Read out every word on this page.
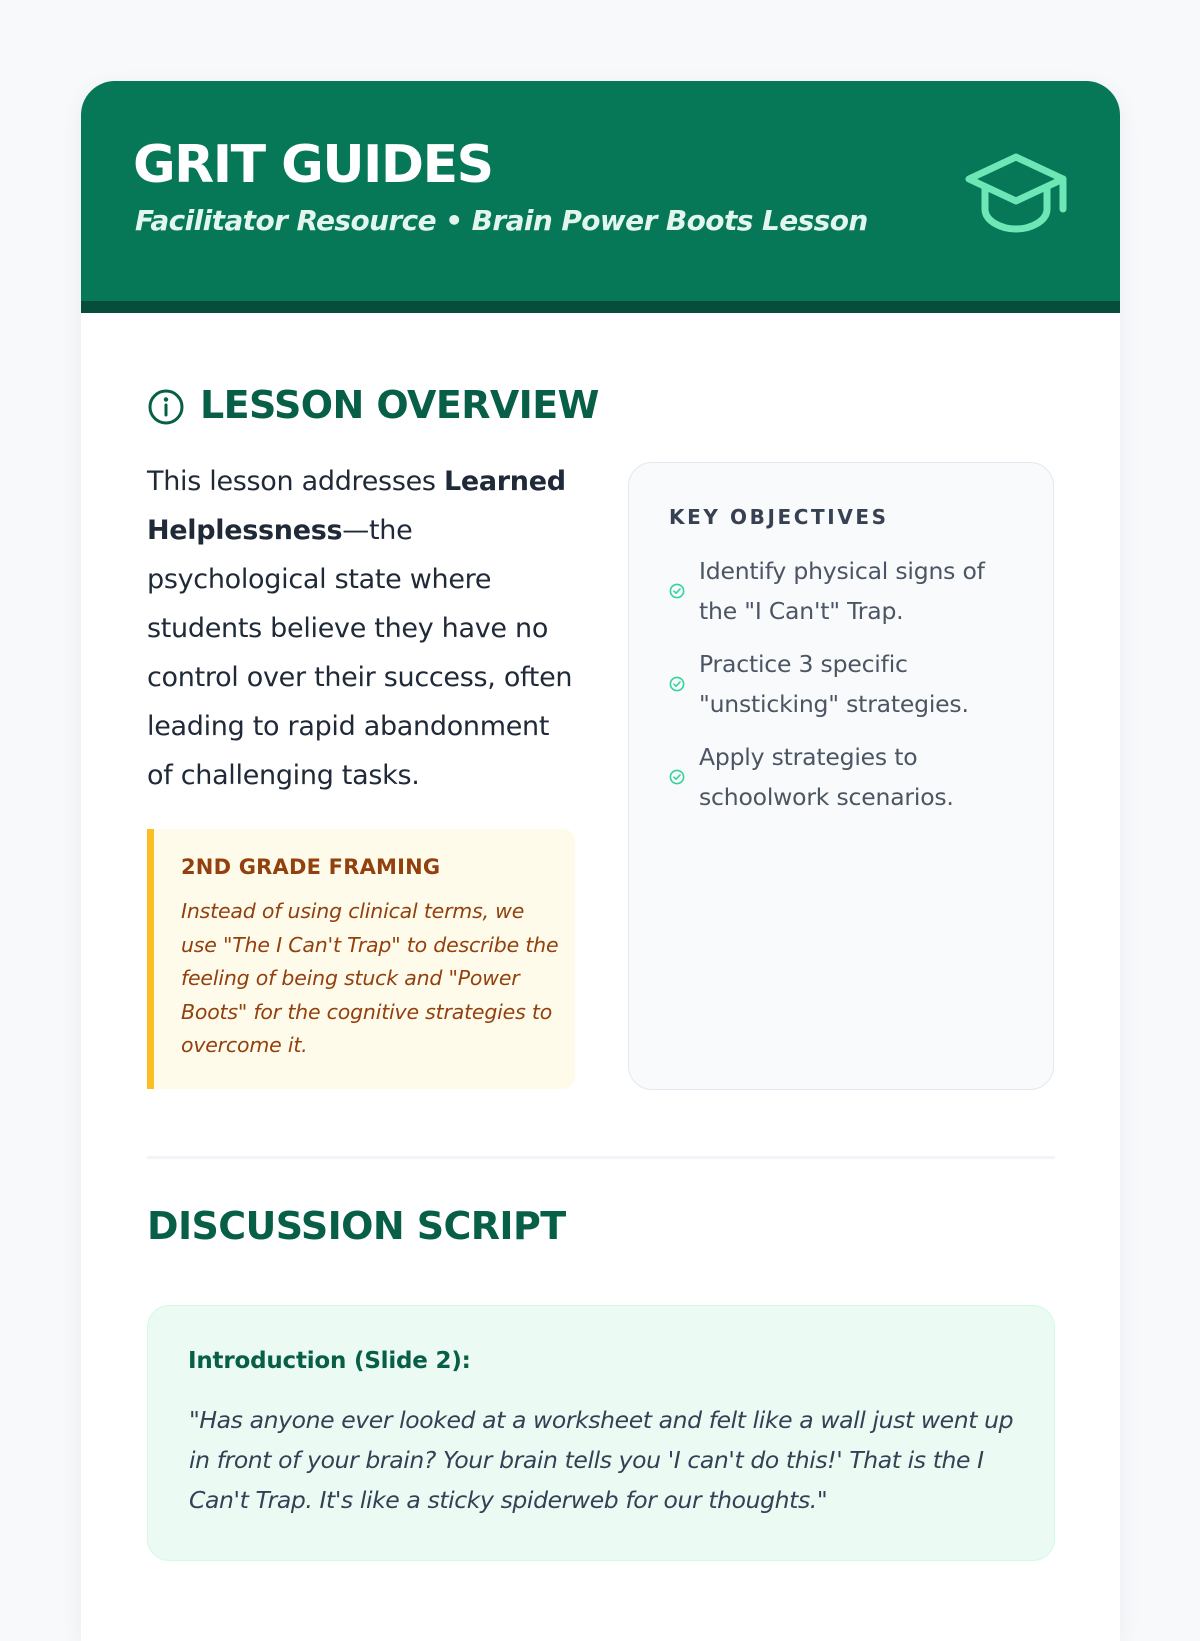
GRIT GUIDES

Facilitator Resource • Brain Power Boots Lesson

LESSON OVERVIEW

This lesson addresses Learned Helplessness—the psychological state where students believe they have no control over their success, often leading to rapid abandonment of challenging tasks.

2ND GRADE FRAMING

Instead of using clinical terms, we use "The I Can't Trap" to describe the feeling of being stuck and "Power Boots" for the cognitive strategies to overcome it.

KEY OBJECTIVES

Identify physical signs of the "I Can't" Trap.

Practice 3 specific "unsticking" strategies.

Apply strategies to schoolwork scenarios.

DISCUSSION SCRIPT

Introduction (Slide 2):

"Has anyone ever looked at a worksheet and felt like a wall just went up in front of your brain? Your brain tells you 'I can't do this!' That is the I Can't Trap. It's like a sticky spiderweb for our thoughts."
